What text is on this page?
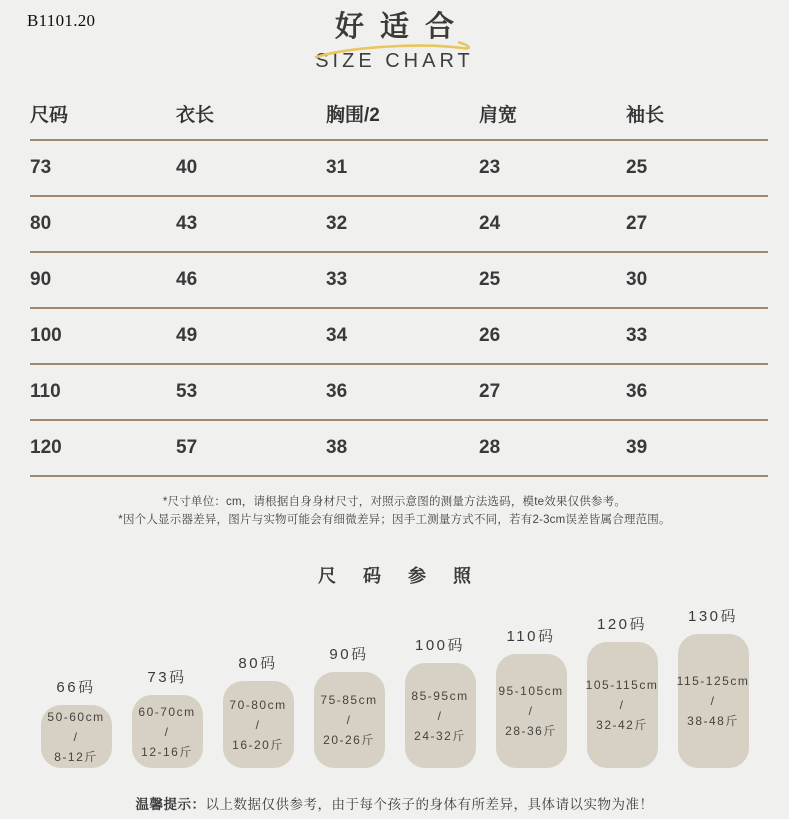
B1101.20	好适合
SIZE CHART
尺码	衣长	胸围/2	肩宽	袖长
73	40	31	23	25
80	43	32	24	27
90	46	33	25	30
100	49	34	26	33
110	53	36	27	36
120	57	38	28	39
*尺寸单位：cm，请根据自身身材尺寸，对照示意图的测量方法选码，模te效果仅供参考。
*因个人显示器差异，图片与实物可能会有细微差异；因手工测量方式不同，若有2-3cm误差皆属合理范围。
尺 码 参 照
66码
50-60cm
/
8-12斤
73码
60-70cm
/
12-16斤
80码
70-80cm
/
16-20斤
90码
75-85cm
/
20-26斤
100码
85-95cm
/
24-32斤
110码
95-105cm
/
28-36斤
120码
105-115cm
/
32-42斤
130码
115-125cm
/
38-48斤
温馨提示：以上数据仅供参考，由于每个孩子的身体有所差异，具体请以实物为准！
